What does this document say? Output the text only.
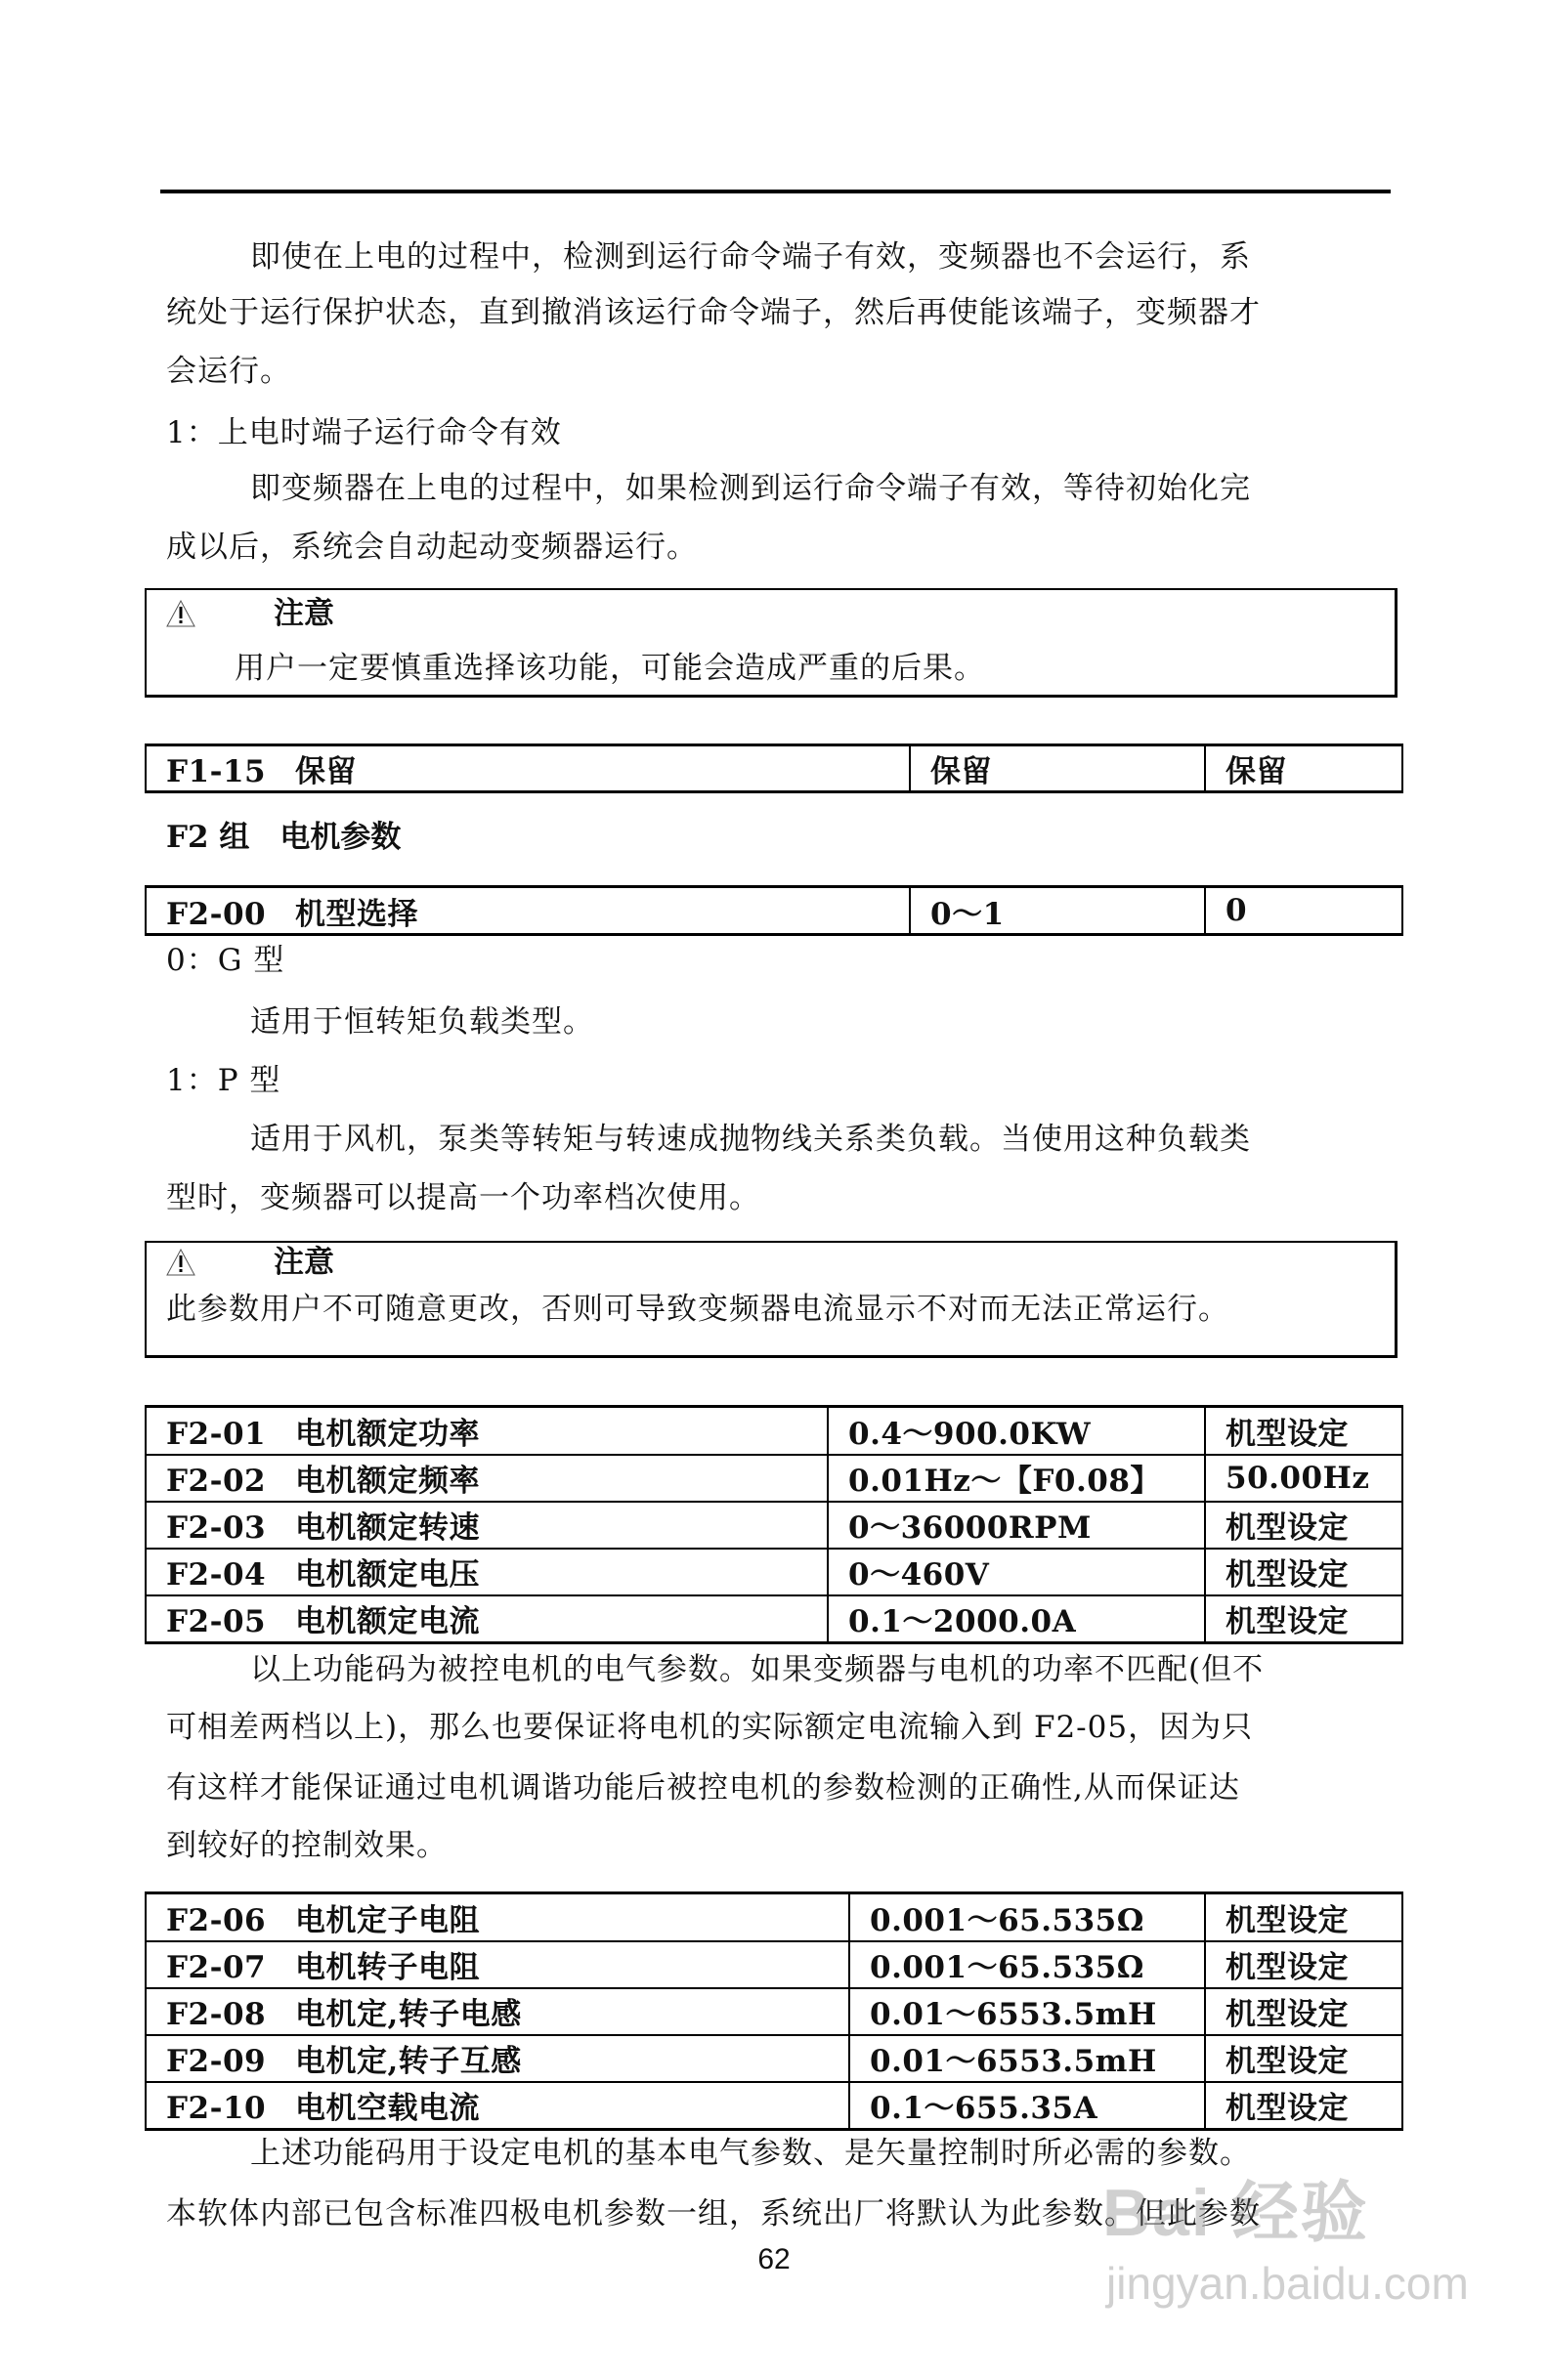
即使在上电的过程中，检测到运行命令端子有效，变频器也不会运行，系
统处于运行保护状态，直到撤消该运行命令端子，然后再使能该端子，变频器才
会运行。
1：上电时端子运行命令有效
即变频器在上电的过程中，如果检测到运行命令端子有效，等待初始化完
成以后，系统会自动起动变频器运行。
注意
用户一定要慎重选择该功能，可能会造成严重的后果。
F1-15 保留	保留	保留
F2 组　电机参数
F2-00 机型选择	0～1	0
0：G 型
适用于恒转矩负载类型。
1：P 型
适用于风机，泵类等转矩与转速成抛物线关系类负载。当使用这种负载类
型时，变频器可以提高一个功率档次使用。
注意
此参数用户不可随意更改，否则可导致变频器电流显示不对而无法正常运行。
F2-01 电机额定功率	0.4～900.0KW	机型设定
F2-02 电机额定频率	0.01Hz～【F0.08】	50.00Hz
F2-03 电机额定转速	0～36000RPM	机型设定
F2-04 电机额定电压	0～460V	机型设定
F2-05 电机额定电流	0.1～2000.0A	机型设定
以上功能码为被控电机的电气参数。如果变频器与电机的功率不匹配(但不
可相差两档以上)，那么也要保证将电机的实际额定电流输入到 F2-05，因为只
有这样才能保证通过电机调谐功能后被控电机的参数检测的正确性,从而保证达
到较好的控制效果。
F2-06 电机定子电阻	0.001～65.535Ω	机型设定
F2-07 电机转子电阻	0.001～65.535Ω	机型设定
F2-08 电机定,转子电感	0.01～6553.5mH	机型设定
F2-09 电机定,转子互感	0.01～6553.5mH	机型设定
F2-10 电机空载电流	0.1～655.35A	机型设定
上述功能码用于设定电机的基本电气参数、是矢量控制时所必需的参数。
本软体内部已包含标准四极电机参数一组，系统出厂将默认为此参数。但此参数
62
Bai 经验
jingyan.baidu.com
